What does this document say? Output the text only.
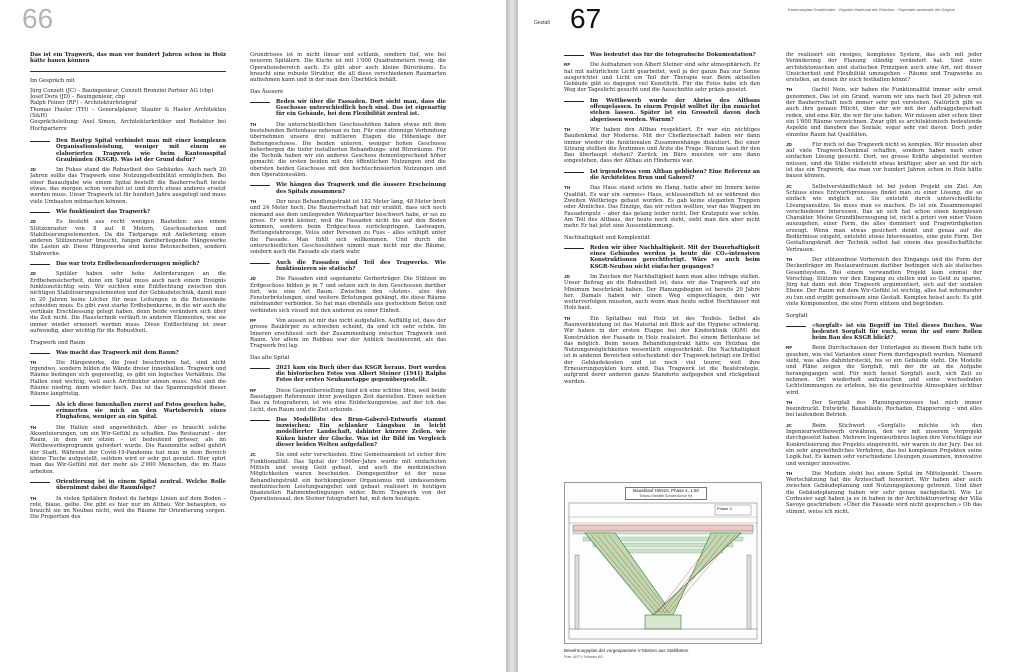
66
Das ist ein Tragwerk, das man vor hundert Jahren schon in Holz hätte bauen können
Im Gespräch mit
Jürg Conzett (JC) – Bauingenieur, Conzett Bronzini Partner AG (cbp)
Josef Dora (JD) – Bauingenieur, cbp
Ralph Feiner (RF) – Architekturfotograf
Thomas Hasler (TH) – Generalplaner, Staufer & Hasler Architekten (S&H)
Gesprächsleitung: Axel Simon, Architekturkritiker und Redaktor bei Hochparterre
Den Bautyp Spital verbindet man mit einer komplexen Organisationsleistung, weniger mit einem so elaborierten Tragwerk wie beim Kantonsspital Graubünden (KSGR). Was ist der Grund dafür?
JD	Im Fokus stand die Robustheit des Gebäudes. Auch nach 20 Jahren sollte das Tragwerk eine Nutzungsflexibilität ermöglichen. Bei einer Bauaufgabe wie einem Spital bestellt die Bauherrschaft heute etwas, das morgen schon veraltet ist und durch etwas anderes ersetzt werden muss. Unser Tragwerk ist für hundert Jahre ausgelegt und muss viele Umbauten mitmachen können.
Wie funktioniert das Tragwerk?
JD	Es besteht aus recht wenigen Bauteilen: aus einem Stützenraster von 8 auf 8 Metern, Geschossdecken und Stabilisierungselementen. Da die Tiefgarage mit Anlieferung einen anderen Stützenraster braucht, fangen darüberliegende Hängewerke die Lasten ab. Diese Hängewerke sind keine Betonscheiben, sondern Stabwerke.
Das war trotz Erdbebenanforderungen möglich?
JD	Spitäler haben sehr hohe Anforderungen an die Erdbebensicherheit, denn ein Spital muss auch nach einem Ereignis funktionstüchtig sein. Wir suchten eine Entflechtung zwischen den nichtigen Stabilisierungselementen und der Gebäudetechnik, damit man in 20 Jahren keine Löcher für neue Leitungen in die Betonwände schneiden muss. Es gibt zwei starke Erdbebenkerne, in die wir auch die vertikale Erschliessung gelegt haben, denn beide verändern sich über die Zeit nicht. Die Haustechnik verläuft in anderen Elementen, wie sie immer wieder erneuert werden muss. Diese Entflechtung ist zwar aufwendig, aber wichtig für die Robustheit.
Tragwerk und Raum
Was macht das Tragwerk mit dem Raum?
TH	Die Hängewerke, die Josef beschrieben hat, sind nicht irgendwo, sondern bilden die Wände dreier Innenhallen. Tragwerk und Räume bedingen sich gegenseitig, es gibt ein logisches Verhältnis. Die Hallen sind wichtig, weil auch Architektur atmen muss: Mal sind die Räume niedrig, dann wieder hoch. Das ist das Spannungsfeld dieser Räume langfristig.
Als ich diese Innenhallen zuerst auf Fotos gesehen habe, erinnerten sie mich an den Wartebereich eines Flughafens, weniger an ein Spital.
TH	Die Hallen sind ungewöhnlich. Aber es braucht solche Akzentuierungen, um ein Wir-Gefühl zu schaffen. Das Restaurant – der Raum, in dem wir sitzen – ist bedeutend grösser, als im Wettbewerbsprogramm gefordert wurde. Die Raummitte selbst gehört der Stadt. Während der Covid-19-Pandemie hat man in dem Bereich kleine Tische aufgestellt, seitdem wird er sehr gut genutzt. Hier spürt man das Wir-Gefühl mit der mehr als 2'000 Menschen, die im Haus arbeiten.
Orientierung ist in einem Spital zentral. Welche Rolle übernimmt dabei die Raumfolge?
TH	In vielen Spitälern findest du farbige Linien auf dem Boden – rote, blaue, gelbe. Die gibt es hier nur im Altbau. Wir behaupten, es braucht sie im Neubau nicht, weil die Räume für Orientierung sorgen. Die Proportion des
Grundrisses ist in nicht linear und schlank, sondern tief, wie bei neueren Spitälern. Die Küche ist mit 1'000 Quadratmetern riesig, die Operationsbereich auch. Es gibt aber auch kleine Büroräume. Es braucht eine robuste Struktur, die all diese verschiedenen Raumarten aufnehmen kann und in der man den Überblick behält.
Das Äussere
Reden wir über die Fassaden. Dort sieht man, dass die Geschosse unterschiedlich hoch sind. Das ist eigenartig für ein Gebäude, bei dem Flexibilität zentral ist.
TH	Die unterschiedlichen Geschosshöhen haben etwas mit dem bestehenden Bettenhaus nebenan zu tun. Für eine stimmige Verbindung übernehmen unsere drei mittleren Etagen die Höhenlage der Bettengeschosse. Die beiden unteren, weniger hohen Geschosse beherbergen die tiefer installierten Behandlungs- und Büroräume. Für die Technik haben wir ein anderes Geschoss dementsprechend höher gemacht: die ersten beiden mit den öffentlichen Nutzungen und die obersten beiden Geschosse mit den hochtechnisierten Nutzungen und den Operationssälen.
Wie hängen das Tragwerk und die äussere Erscheinung des Spitals zusammen?
TH	Der neue Behandlungstrakt ist 182 Meter lang, 48 Meter breit und 24 Meter hoch. Die Bauherrschaft hat mir erzählt, dass sich noch niemand aus dem umliegenden Wohnquartier beschwert habe, er sei zu gross. Er wirkt kleiner, weil die Fassaden nicht bis auf den Boden kommen, sondern beim Erdgeschoss zurückspringen. Lastwagen, Rettungsfahrzeuge, Velos oder Personen zu Fuss – alles schlüpft unter die Fassade. Man fühlt sich willkommen. Und durch die unterschiedlichen Geschosshöhen nimmt man nicht nur die Räume, sondern auch die Fassade als stark wahr.
Auch die Fassaden sind Teil des Tragwerks. Wie funktionieren sie statisch?
JD	Die Fassaden sind sogenannte Gerberträger. Die Stützen im Erdgeschoss bilden je in 7 und setzen sich in den Geschossen darüber fort, wie eine Art Baum. Zwischen den «Ästen», also den Fensterbrüstungen, sind weitere Brüstungen gehängt, die diese Räume miteinander verbinden. So hat man ebenfalls aus gestocktem Beton und verbinden sich visuell mit den anderen zu einer Einheit.
RF	Von aussen ist mir das nicht aufgefallen. Auffällig ist, dass der grosse Baukörper zu schweben scheint, da sind ich sehr schön. Im Inneren erschliesst sich der Zusammenhang zwischen Tragwerk und Raum. Vor allem im Robbau war der Anblick faszinierend, als das Tragwerk frei lag.
Das alte Spital
2021 kam ein Buch über das KSGR heraus. Dort wurden die historischen Fotos von Albert Steiner (1941) Ralphs Fotos der ersten Neubauetappe gegenübergestellt.
RF	Diese Gegenüberstellung fand ich eine schöne Idee, weil beide Bauetappen Referenzen ihrer jeweiligen Zeit darstellen. Einen solchen Bau zu fotografieren, ist wie eine Entdeckungsreise, auf der ich das Licht, den Raum und die Zeit erkunde.
Das Modellfoto des Brun-Gaberel-Entwurfs stammt inzwischen: Ein schlanker Längsbau in leicht modellierter Landschaft, dahinter kürzere Zeilen, wie Küken hinter der Glucke. Was ist ihr Bild im Vergleich dieser beiden Welten aufgefallen?
JC	Sie sind sehr verschieden. Eine Gemeinsamkeit ist sicher ihre Funktionalität. Das Spital der 1940er-Jahre wurde mit einfachsten Mitteln und wenig Geld gebaut, und auch die medizinischen Möglichkeiten waren bescheiden. Demgegenüber ist der neue Behandlungstrakt ein hochkomplexer Organismus mit umfassendem medizinischem Leistungsangebot und gebaut realisiert in heutigen finanziellen Rahmenbedingungen wider. Beim Tragwerk von der Operationssaal, den Steiner fotografiert hat, mit dem heutigen.
Gestalt 67	Kantonsspital Graubünden · Ospidal chantunal dal Grischun · Ospedale cantonale dei Grigioni
Was bedeutet das für die fotografische Dokumentation?
RF	Die Aufnahmen von Albert Steiner sind sehr atmosphärisch. Er hat mit natürlichem Licht gearbeitet, weil ja der ganze Bau zur Sonne ausgerichtet und Licht ein Teil der Therapie war. Beim aktuellen Gebäude gibt es dagegen viel Kunstlicht. Für die Fotos habe ich den Weg der Tageslicht gesucht und die Ausschnitte sehr präzis gesetzt.
Im Wettbewerb wurde der Abriss des Altbaus offengelassen. In einem Projekt wolltet ihr ihn zunächst stehen lassen. Später ist ein Grossteil davon doch abgerissen worden. Warum?
TH	Wir haben den Altbau respektiert. Er war ein wichtiges Baudenkmal der Moderne. Mit der Chefärzteschaft haben wir dann immer wieder die funktionalen Zusammenhänge diskutiert. Bei einer Sitzung stellten die Ärztinnen und Ärzte die Frage: Warum lasst ihr den Bau überhaupt stehen? Zurück im Büro mussten wir uns dann eingestehen, dass der Altbau ein Hindernis war.
Ist irgendetwas vom Altbau geblieben? Eine Referenz an die Architekten Brun und Gaberel?
TH	Das Haus stand schön im Hang, hatte aber im Innern keine Qualität. Es war ein «armes» Haus, schlussendlich ist es während des Zweiten Weltkriegs gebaut worden. Es gab keine eleganten Treppen oder Ähnliches. Das Einzige, das wir retten wollten, war das Wappen im Fassadenputz – aber das gelang leider nicht. Der Kratzputz war schön. Am Teil des Altbaus, der heute noch steht, sieht man den aber nicht mehr. Er hat jetzt eine Aussendämmung.
Nachhaltigkeit und Komplexität
Reden wir über Nachhaltigkeit. Mit der Dauerhaftigkeit eines Gebäudes werden ja heute die CO₂-intensiven Konstruktionen gerechtfertigt. Wäre es auch beim KSGR-Neubau nicht einfacher gegangen?
JD	Im Zeichen der Nachhaltigkeit kann man alles infrage stellen. Unser Beitrag an die Robustheit ist, dass wir das Tragwerk auf ein Minimum beschränkt haben. Der Planungsbeginn ist bereits 20 Jahre her. Damals haben wir einen Weg eingeschlagen, den wir weiterverfolgen mussten, auch wenn man heute selbst Hochhäuser mit Holz baut.
TH	Ein Spitalbau mit Holz ist des Teufels. Selbst als Raumverkleidung ist das Material mit Blick auf die Hygiene schwierig. Wir haben in der ersten Etappe bei der Kinderklinik (KiM) die Konstruktion der Fassade in Holz realisiert. Bei einem Bettenhaus ist das möglich. Beim neuen Behandlungstrakt hätte ein Holzbau die Nutzungsmöglichkeiten wesentlich eingeschränkt. Die Nachhaltigkeit ist in anderen Bereichen entscheidend: der Tragwerk beträgt ein Drittel der Gebäudekosten und ist noch viel teurer, weil ihre Erneuerungszyklen kurz sind. Das Tragwerk ist die Realstrategie, aufgrund derer anderen ganze Standorte aufgegeben und rückgebaut werden.
ihr realisiert ein riesiges, komplexes System, das sich mit jeder Veränderung der Planung ständig verändert hat. Sind eure architektonischen und statischen Prinzipien auch eine Art, mit dieser Unsicherheit und Flexibilität umzugehen – Räume und Tragwerke zu erstellen, an denen ihr euch festhalten könnt?
TH	(lacht) Nein, wir haben die Funktionalität immer sehr ernst genommen. Das ist ein Grund, warum wir uns nach fast 20 Jahren mit der Bauherrschaft noch immer sehr gut verstehen. Natürlich gibt es auch ihre genaue Pflicht, über der wir mit der Auftraggeberschaft reden, und eine Kür, die wir für uns haben. Wir müssen aber schon über ein 1'600 Räume verzeichnen. Zwar gibt es architektonisch bedeutende Aspekte und daneben das Soziale, sogar sehr viel davon. Doch jeder einzelne Raum hat Qualitäten.
JD	Für mich ist das Tragwerk nicht so komplex. Wir mussten aber auf viele Tragwerk-Denkmal schaffen, sondern haben nach einer einfachen Lösung gesucht. Dort, wo grosse Kräfte abgeleitet werden müssen, sind die Stäbe vielleicht etwas kräftiger, aber an und für sich ist das ein Tragwerk, das man vor hundert Jahren schon in Holz hätte bauen können.
JC	Selbstverständlichkeit ist bei jedem Projekt ein Ziel. Am Schluss eines Entwurfsprozesses findet man zu einer Lösung, die so einfach wie möglich ist. Sie entsteht durch unterschiedliche Lösungsansätze. So muss man es machen. Es ist ein Zusammenspiel verschiedener Interessen. Das an sich hat schon einen komplexen Charakter. Meine Grundüberzeugung ist, nicht a priori von einer Vision auszugehen, einer Form, die alles dominiert und Fragwürdigkeiten erzeugt. Wenn man etwas gesichert denkt und genau auf die Bedürfnisse eingeht, entsteht etwas Interessantes, eine gute Form. Der Gestaltungskraft der Technik selbst hat einem das gesellschaftliche Vertrauen.
TH	Der stützenfreie Vorbereich des Eingangs und die Form der Deckenträger im Restaurantraum darüber bedingen sich als statisches Gesamtsystem. Bei einem verwandten Projekt kam einmal der Vorschlag, Stützen vor den Eingang zu stellen und so Geld zu sparen. Jürg hat dann mit dem Tragwerk argumentiert, sich auf der sozialen Ebene. Der Raum mit dem Wir-Gefühl ist wichtig, alles hat miteinander zu tun und ergibt gemeinsam eine Gestalt. Komplex heisst auch: Es gibt viele Komponenten, die eine Form stützen und begründen.
Sorgfalt
«Sorgfalt» ist ein Begriff im Titel dieses Buches. Was bedeutet Sorgfalt für euch, wenn ihr auf eure Rollen beim Bau des KSGR blickt?
RF	Beim Durchschauen der Unterlagen zu diesem Buch habe ich gesehen, wie viel Varianten einer Form durchgespielt wurden. Niemand sieht, was alles dahintersteckt, bis so ein Gebäude steht. Die Modelle und Pläne zeigen die Sorgfalt, mit der ihr an die Aufgabe herangegangen seid. Für mich heisst Sorgfalt auch, sich Zeit zu nehmen. Ort wiederholt aufzusuchen und seine wechselnden Lichtstimmungen zu erleben, bis die gewünschte Atmosphäre sichtbar wird.
TH	Der Sorgfalt des Planungsprozesses hat mich immer beeindruckt. Entwürfe, Bauabläufe, Rochaden, Etappierung – und alles bei laufendem Betrieb.
JC	Beim Stichwort «Sorgfalt» möchte ich den Ingenieurwettbewerb erwähnen, den wir mit unserem Vorprojekt durchgesetzt haben. Mehrere Ingenieurbüros legten ihre Vorschläge zur Konkretisierung des Projekts eingereicht, wir waren in der Jury. Das ist ein sehr ungewöhnliches Verfahren, das bei komplexen Projekten seine Logik hat. Es kamen sehr verschiedene Lösungen zusammen, innovative und weniger innovative.
TH	Die Medizin steht bei einem Spital im Mittelpunkt. Unsere Wertschätzung hat die Ärzteschaft honoriert. Wir haben aber auch zwischen Gebäudeplanung und Nutzungsplanung getrennt. Und über die Gebäudeplanung haben wir sehr genau nachgedacht. Wie Le Corbusier sagt haben ja es in haben in der Architekturvertrag der Villa Savoye geschrieben: «Über die Fassade wird nicht gesprochen.» Ob das stimmt, weiss ich nicht.
Bauablauf H0N10, Phase 4, 1:50
Einbau Stahlteil Schicht Achse H4
Phase 4
Bewehrungsplan der vorgespannten V-Stützen aus Stahlbeton
Plan: ARTY Schwarz AG
